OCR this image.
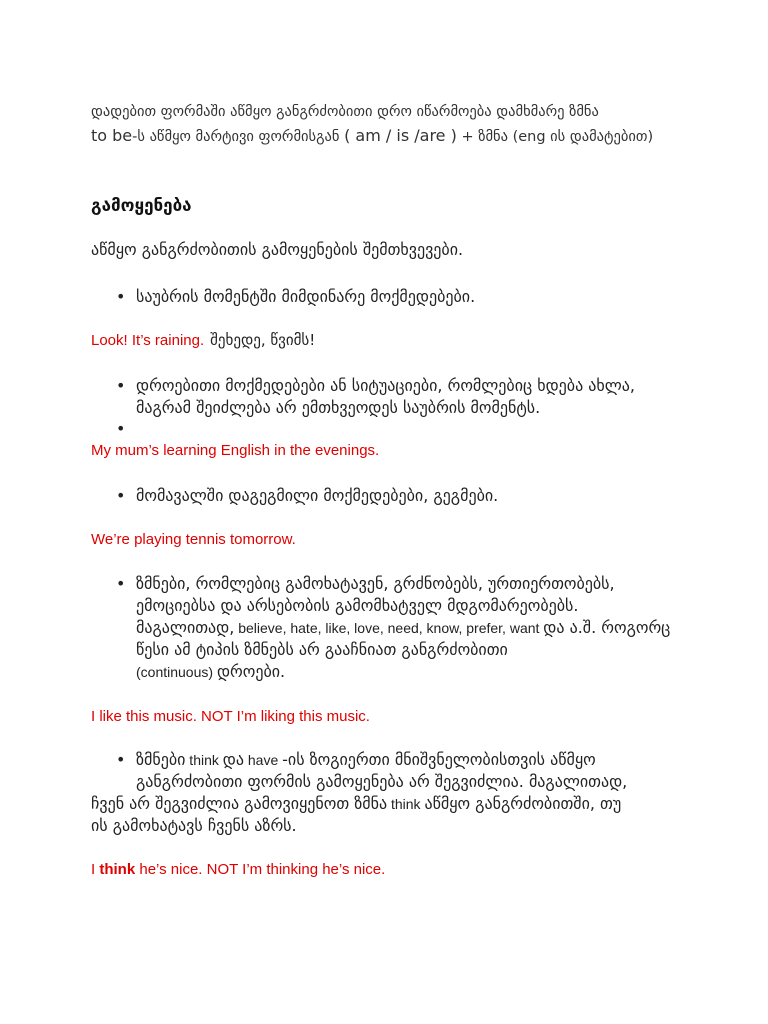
დადებით ფორმაში აწმყო განგრძობითი დრო იწარმოება დამხმარე ზმნა
to be-ს აწმყო მარტივი ფორმისგან ( am / is /are ) + ზმნა (eng ის დამატებით)
გამოყენება
აწმყო განგრძობითის გამოყენების შემთხვევები.
• საუბრის მომენტში მიმდინარე მოქმედებები.
Look! It’s raining. შეხედე, წვიმს!
• დროებითი მოქმედებები ან სიტუაციები, რომლებიც ხდება ახლა, მაგრამ შეიძლება არ ემთხვეოდეს საუბრის მომენტს.
•
My mum’s learning English in the evenings.
• მომავალში დაგეგმილი მოქმედებები, გეგმები.
We’re playing tennis tomorrow.
• ზმნები, რომლებიც გამოხატავენ, გრძნობებს, ურთიერთობებს, ემოციებსა და არსებობის გამომხატველ მდგომარეობებს. მაგალითად, believe, hate, like, love, need, know, prefer, want და ა.შ. როგორც წესი ამ ტიპის ზმნებს არ გააჩნიათ განგრძობითი
(continuous) დროები.
I like this music. NOT I’m liking this music.
• ზმნები think და have -ის ზოგიერთი მნიშვნელობისთვის აწმყო
განგრძობითი ფორმის გამოყენება არ შეგვიძლია. მაგალითად,
ჩვენ არ შეგვიძლია გამოვიყენოთ ზმნა think აწმყო განგრძობითში, თუ
ის გამოხატავს ჩვენს აზრს.
I think he’s nice. NOT I’m thinking he’s nice.
